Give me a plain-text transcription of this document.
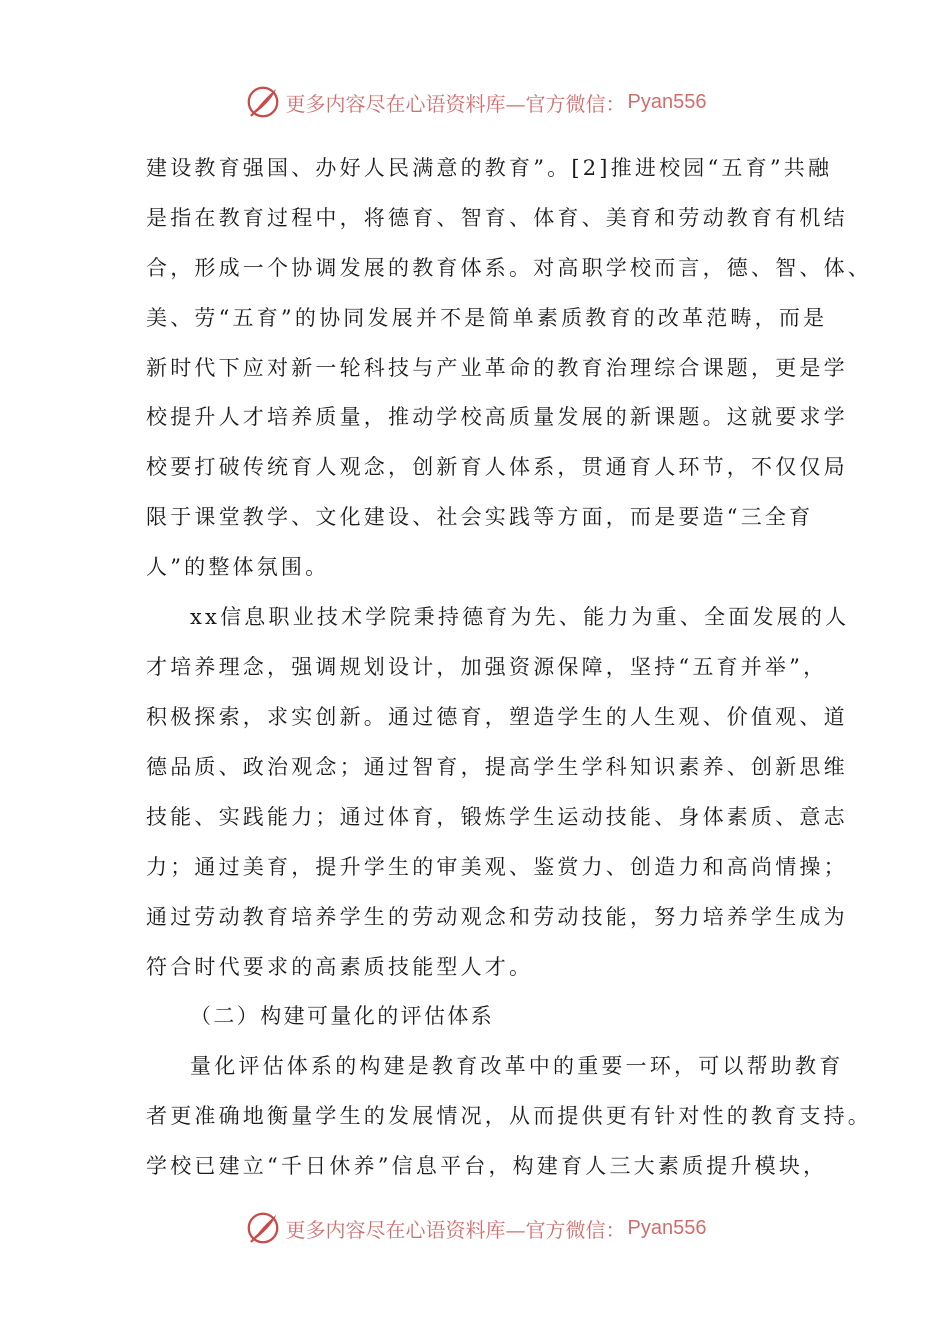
更多内容尽在心语资料库—官方微信： Pyan556
建设教育强国、办好人民满意的教育”。[2]推进校园“五育”共融
是指在教育过程中，将德育、智育、体育、美育和劳动教育有机结
合，形成一个协调发展的教育体系。对高职学校而言，德、智、体、
美、劳“五育”的协同发展并不是简单素质教育的改革范畴，而是
新时代下应对新一轮科技与产业革命的教育治理综合课题，更是学
校提升人才培养质量，推动学校高质量发展的新课题。这就要求学
校要打破传统育人观念，创新育人体系，贯通育人环节，不仅仅局
限于课堂教学、文化建设、社会实践等方面，而是要造“三全育
人”的整体氛围。
xx信息职业技术学院秉持德育为先、能力为重、全面发展的人
才培养理念，强调规划设计，加强资源保障，坚持“五育并举”，
积极探索，求实创新。通过德育，塑造学生的人生观、价值观、道
德品质、政治观念；通过智育，提高学生学科知识素养、创新思维
技能、实践能力；通过体育，锻炼学生运动技能、身体素质、意志
力；通过美育，提升学生的审美观、鉴赏力、创造力和高尚情操；
通过劳动教育培养学生的劳动观念和劳动技能，努力培养学生成为
符合时代要求的高素质技能型人才。
（二）构建可量化的评估体系
量化评估体系的构建是教育改革中的重要一环，可以帮助教育
者更准确地衡量学生的发展情况，从而提供更有针对性的教育支持。
学校已建立“千日休养”信息平台，构建育人三大素质提升模块，
更多内容尽在心语资料库—官方微信： Pyan556
